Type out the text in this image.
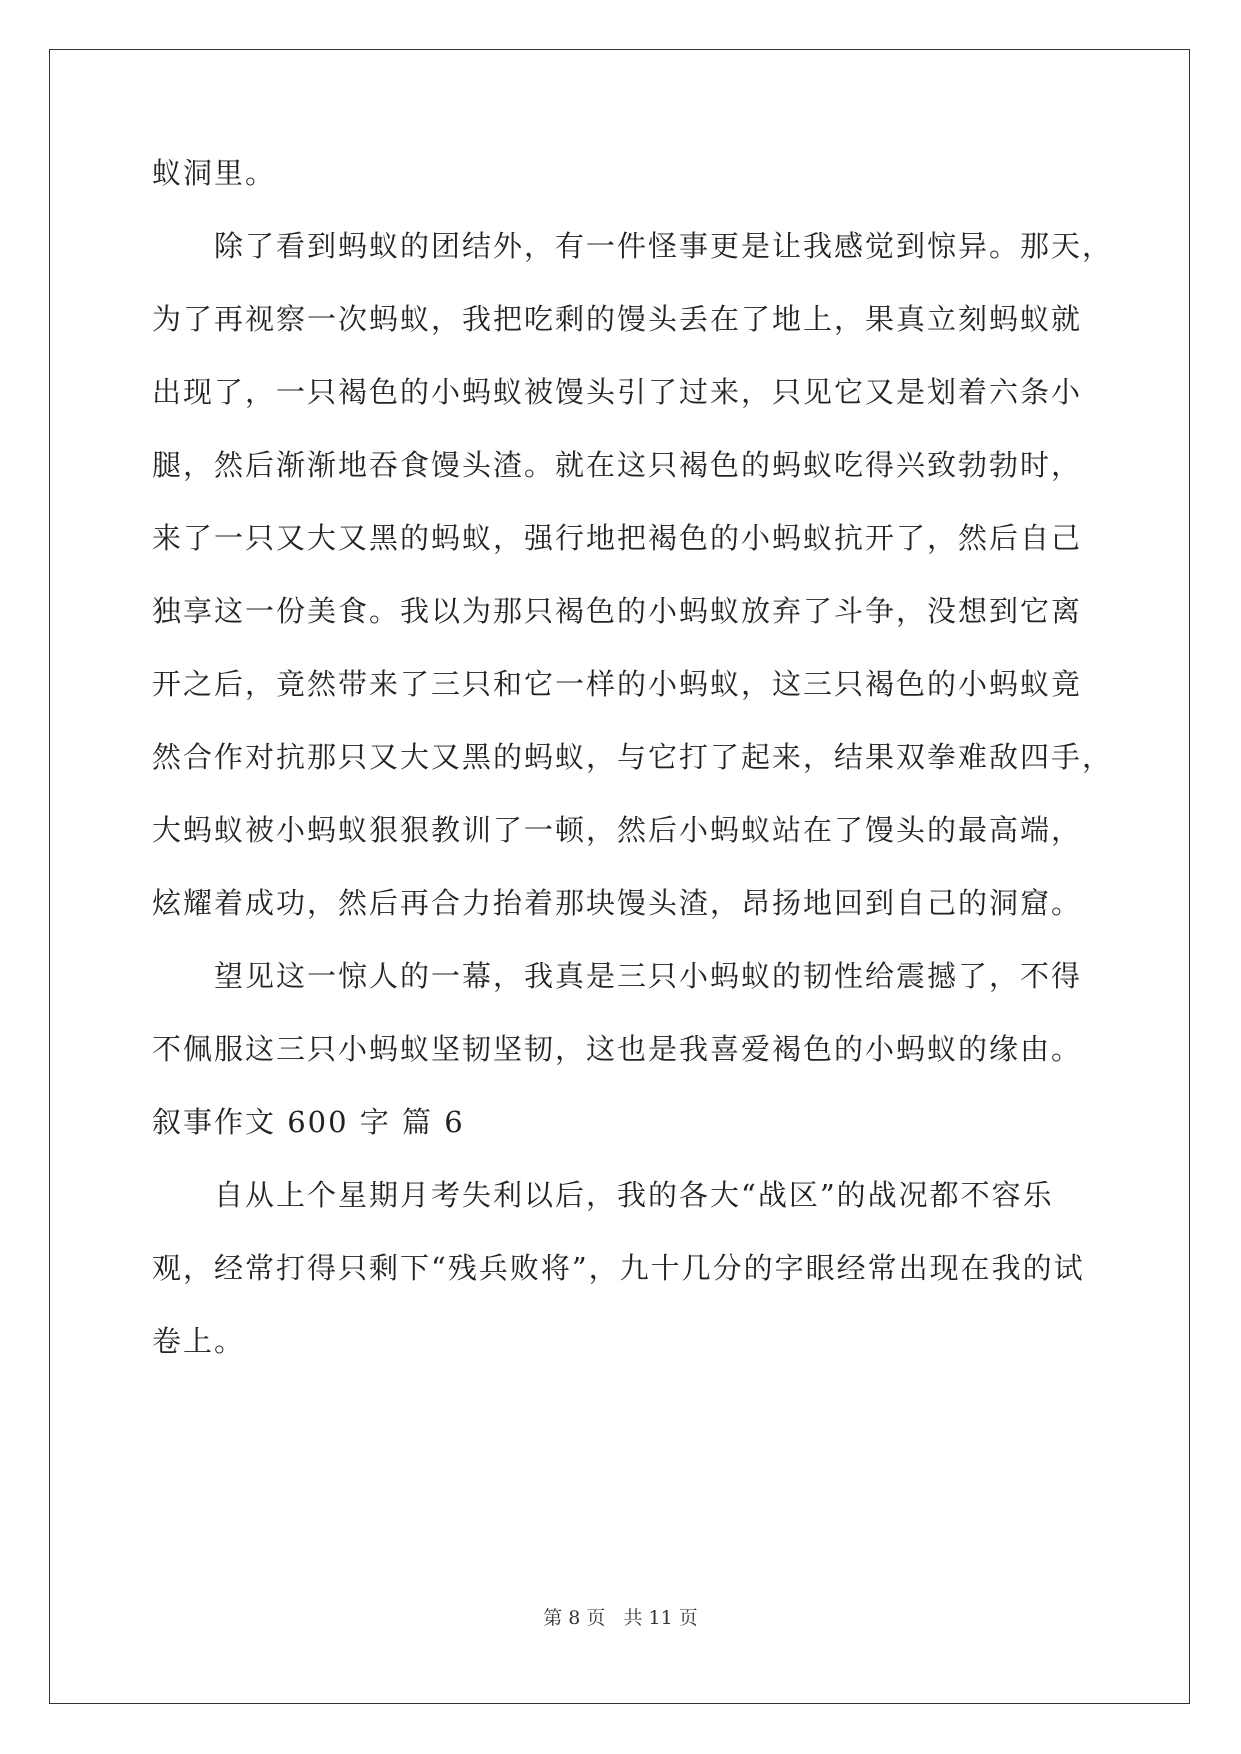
蚁洞里。
除了看到蚂蚁的团结外，有一件怪事更是让我感觉到惊异。那天，
为了再视察一次蚂蚁，我把吃剩的馒头丢在了地上，果真立刻蚂蚁就
出现了，一只褐色的小蚂蚁被馒头引了过来，只见它又是划着六条小
腿，然后渐渐地吞食馒头渣。就在这只褐色的蚂蚁吃得兴致勃勃时，
来了一只又大又黑的蚂蚁，强行地把褐色的小蚂蚁抗开了，然后自己
独享这一份美食。我以为那只褐色的小蚂蚁放弃了斗争，没想到它离
开之后，竟然带来了三只和它一样的小蚂蚁，这三只褐色的小蚂蚁竟
然合作对抗那只又大又黑的蚂蚁，与它打了起来，结果双拳难敌四手，
大蚂蚁被小蚂蚁狠狠教训了一顿，然后小蚂蚁站在了馒头的最高端，
炫耀着成功，然后再合力抬着那块馒头渣，昂扬地回到自己的洞窟。
望见这一惊人的一幕，我真是三只小蚂蚁的韧性给震撼了，不得
不佩服这三只小蚂蚁坚韧坚韧，这也是我喜爱褐色的小蚂蚁的缘由。
叙事作文 600 字 篇 6
自从上个星期月考失利以后，我的各大“战区”的战况都不容乐
观，经常打得只剩下“残兵败将”，九十几分的字眼经常出现在我的试
卷上。
第 8 页 共 11 页
